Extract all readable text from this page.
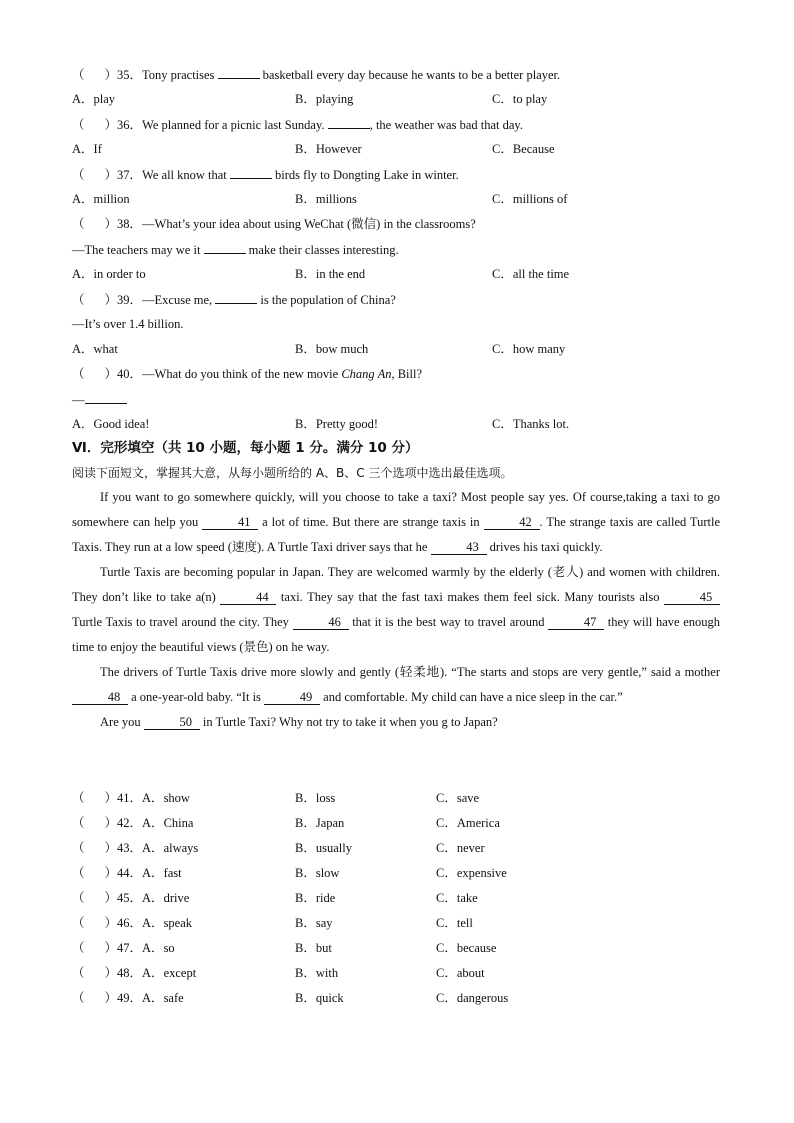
（ ）35．Tony practises	basketball every day because he wants to be a better player.
A．play	B．playing	C．to play
（ ）36．We planned for a picnic last Sunday.	, the weather was bad that day.
A．If	B．However	C．Because
（ ）37．We all know that	birds fly to Dongting Lake in winter.
A．million	B．millions	C．millions of
（ ）38．—What’s your idea about using WeChat (微信) in the classrooms?
—The teachers may we it	make their classes interesting.
A．in order to	B．in the end	C．all the time
（ ）39．—Excuse me,	is the population of China?
—It’s over 1.4 billion.
A．what	B．bow much	C．how many
（ ）40．—What do you think of the new movie Chang An, Bill?
—
A．Good idea!	B．Pretty good!	C．Thanks lot.
Ⅵ．完形填空（共 10 小题，每小题 1 分。满分 10 分）
阅读下面短文，掌握其大意，从每小题所给的 A、B、C 三个选项中选出最佳选项。

If you want to go somewhere quickly, will you choose to take a taxi? Most people say yes. Of course,taking a taxi to go somewhere can help you	41 a lot of time. But there are strange taxis in	42 . The strange taxis are called Turtle Taxis. They run at a low speed (速度). A Turtle Taxi driver says that he	43 drives his taxi quickly.

Turtle Taxis are becoming popular in Japan. They are welcomed warmly by the elderly (老人) and women with children. They don’t like to take a(n)	44 taxi. They say that the fast taxi makes them feel sick. Many tourists also	45 Turtle Taxis to travel around the city. They	46 that it is the best way to travel around	47 they will have enough time to enjoy the beautiful views (景色) on he way.

The drivers of Turtle Taxis drive more slowly and gently (轻柔地). “The starts and stops are very gentle,” said a mother 48 a one-year-old baby. “It is	49 and comfortable. My child can have a nice sleep in the car.”

Are you	50 in Turtle Taxi? Why not try to take it when you g to Japan?

（ ）41．A．show	B．loss	C．save
（ ）42．A．China	B．Japan	C．America
（ ）43．A．always	B．usually	C．never
（ ）44．A．fast	B．slow	C．expensive
（ ）45．A．drive	B．ride	C．take
（ ）46．A．speak	B．say	C．tell
（ ）47．A．so	B．but	C．because
（ ）48．A．except	B．with	C．about
（ ）49．A．safe	B．quick	C．dangerous
